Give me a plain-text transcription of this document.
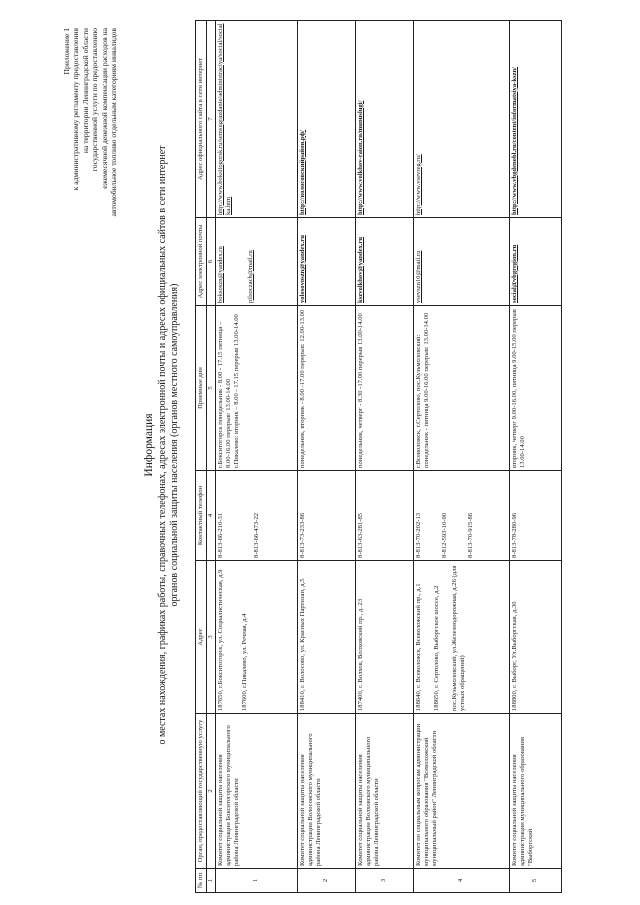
Приложение 1 к административному регламенту предоставления на территории Ленинградской области государственной услуги по предоставлению ежемесячной денежной компенсации расходов на автомобильное топливо отдельным категориям инвалидов
Информация о местах нахождения, графиках работы, справочных телефонах, адресах электронной почты и адресах официальных сайтов в сети интернет органов социальной защиты населения (органов местного самоуправления)
№ пп	Орган, предоставляющий государственную услугу	Адрес	Контактный телефон	Приемные дни	Адрес электронной почты	Адрес официального сайта в сети интернет
1	2	3	4	5	6	7
1	Комитет социальной защиты населения администрации Бокситогорского муниципального района Ленинградской области	187650, г.Бокситогорск, ул. Социалистическая, д.9 187600, г.Пикалево, ул. Речная, д.4	8-813-66-210-31 8-813-66-473-22	г.Бокситогорск понедельник - 8.00 - 17.15 пятница – 8.00-16.00 перерыв: 13.00-14.00 г.Пикалево: вторник – 8.00 - 17.15 перерыв 13.00-14.00	boksoszn@yandex.ru pilsoczach@mail.ru	http://www.boksitogorsk.ru/semsugrazdanie/administraciya/social/socialka.htm
2	Комитет социальной защиты населения администрации Волосовского муниципального района Ленинградской области	188410, г. Волосово, ул. Красных Партизан, д.5	8-813-73-233-86	понедельник, вторник - 8.00 -17.00 перерыв: 12.00-13.00	volosovoszn@yandex.ru	http://волосовскийрайон.рф/
3	Комитет социальной защиты населения администрации Волховского муниципального района Ленинградской области	187400, г. Волхов, Волховский пр., д. 23	8-813-63-281-85	понедельник, четверг - 8.30 -17.00 перерыв 13.00-14.00	kszvolkhov@yandex.ru	http://www.volkhov-raion.ru/munuslugi/
4	Комитет по социальным вопросам администрации муниципального образования "Всеволожский муниципальный район" Ленинградской области	188640, г. Всеволожск, Всеволожский пр., д.1 188650, г. Сертолово, Выборгское шоссе, д.2 пос.Кузьмоловский, ул.Железнодорожная, д.26 (для устных обращений)	8-813-70-202-13 8-812-593-10-90 8-813-70-915-86	г.Всеволожск, г.Сертолово, пос.Кузьмоловский: понедельник - пятница 9.00-16.00 перерыв: 13.00-14.00	vsevszn10@mail.ru	http://www.vsevreg.ru/
5	Комитет социальной защиты населения администрации муниципального образования "Выборгский	188800, г. Выборг, Ул.Выборгская, д.30	8-813-78-280-96	вторник, четверг 9.00-16.00, пятница 9.00-15.00 перерыв 13.00-14.00	social@vbgregion.ru	http://www.vbgdenobl.ru/content/informatsiya-kszn/
